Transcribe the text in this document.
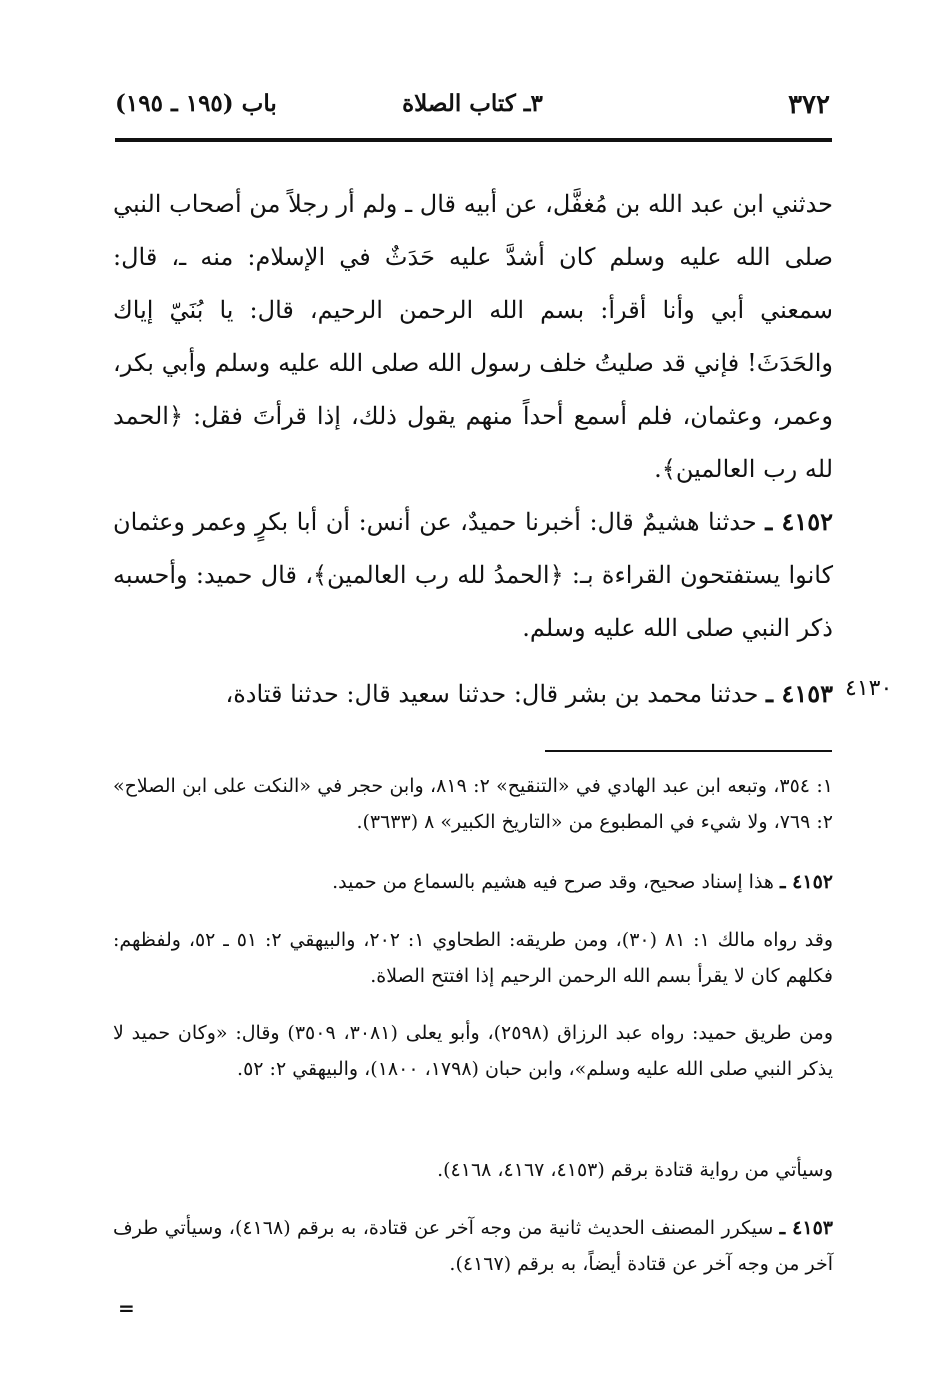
٣٧٢
٣ـ كتاب الصلاة
باب (١٩٥ ـ ١٩٥)
حدثني ابن عبد الله بن مُغفَّل، عن أبيه قال ـ ولم أر رجلاً من أصحاب النبي صلى الله عليه وسلم كان أشدَّ عليه حَدَثٌ في الإسلام: منه ـ، قال: سمعني أبي وأنا أقرأ: بسم الله الرحمن الرحيم، قال: يا بُنَيّ إياك والحَدَثَ! فإني قد صليتُ خلف رسول الله صلى الله عليه وسلم وأبي بكر، وعمر، وعثمان، فلم أسمع أحداً منهم يقول ذلك، إذا قرأتَ فقل: ﴿الحمد لله رب العالمين﴾.
٤١٥٢ ـ حدثنا هشيمٌ قال: أخبرنا حميدٌ، عن أنس: أن أبا بكرٍ وعمر وعثمان كانوا يستفتحون القراءة بـ: ﴿الحمدُ لله رب العالمين﴾، قال حميد: وأحسبه ذكر النبي صلى الله عليه وسلم.
٤١٥٣ ـ حدثنا محمد بن بشر قال: حدثنا سعيد قال: حدثنا قتادة،	٤١٣٠
١: ٣٥٤، وتبعه ابن عبد الهادي في «التنقيح» ٢: ٨١٩، وابن حجر في «النكت على ابن الصلاح» ٢: ٧٦٩، ولا شيء في المطبوع من «التاريخ الكبير» ٨ (٣٦٣٣).
٤١٥٢ ـ هذا إسناد صحيح، وقد صرح فيه هشيم بالسماع من حميد.
وقد رواه مالك ١: ٨١ (٣٠)، ومن طريقه: الطحاوي ١: ٢٠٢، والبيهقي ٢: ٥١ ـ ٥٢، ولفظهم: فكلهم كان لا يقرأ بسم الله الرحمن الرحيم إذا افتتح الصلاة.
ومن طريق حميد: رواه عبد الرزاق (٢٥٩٨)، وأبو يعلى (٣٠٨١، ٣٥٠٩) وقال: «وكان حميد لا يذكر النبي صلى الله عليه وسلم»، وابن حبان (١٧٩٨، ١٨٠٠)، والبيهقي ٢: ٥٢.
وسيأتي من رواية قتادة برقم (٤١٥٣، ٤١٦٧، ٤١٦٨).
٤١٥٣ ـ سيكرر المصنف الحديث ثانية من وجه آخر عن قتادة، به برقم (٤١٦٨)، وسيأتي طرف آخر من وجه آخر عن قتادة أيضاً، به برقم (٤١٦٧).
=
